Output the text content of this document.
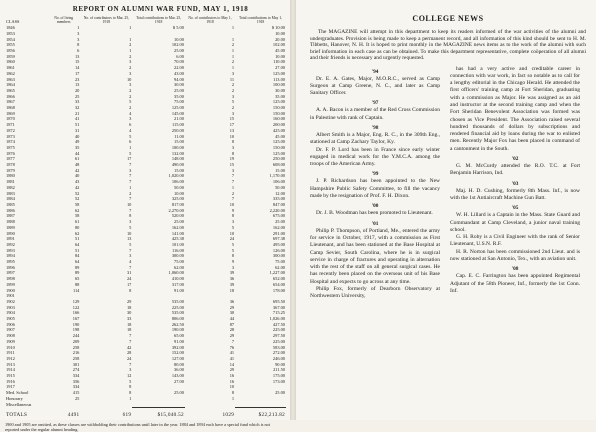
REPORT ON ALUMNI WAR FUND, MAY 1, 1918
CLASS	No. of living members	No. of contributors to Mar. 25, 1918	Total contributions to Mar. 25, 1918	No. of contributors to May 1, 1918	Total contributions to May 1, 1918
1846	1	1	$ 5.00	1	$ 10.00
1853	3				10.00
1854	3	1	10.00	1	20.00
1855	8	2	102.00	2	102.00
1856	6	1	25.00	1	45.00
1859	13	2	6.00	1	10.00
1860	15	3	70.00	2	110.00
1861	14	2	22.00	1	27.00
1862	17	3	43.00	3	125.00
1863	23	10	94.00	11	113.00
1864	13	3	30.00	2	100.00
1865	20	2	25.00	2	30.00
1866	25	2	35.00	3	35.00
1867	33	5	75.00	5	125.00
1868	32	2	125.00	2	150.00
1869	21	4	145.00	3	150.00
1870	41	3	21.00	15	160.00
1871	51	6	115.00	17	200.00
1872	31	4	250.00	13	425.00
1873	40	5	11.00	10	45.00
1874	49	6	15.00	8	125.00
1875	35	1	100.00	3	150.00
1876	44	5	132.00	8	125.00
1877	61	17	148.00	19	250.00
1878	48	7	490.00	15	608.00
1879	42	3	15.00	3	15.00
1880	40	7	1,020.00	7	1,170.00
1881	43	7	106.00	7	106.00
1882	42	1	50.00	1	50.00
1883	52	2	10.00	2	12.00
1884	52	7	325.00	7	335.00
1885	58	10	817.00	10	847.00
1886	62	7	2,270.00	9	2,220.00
1887	58	8	520.00	8	675.00
1888	61	3	25.00	3	25.00
1889	80	5	162.00	5	162.00
1890	62	10	141.00	10	291.00
1891	51	13	425.38	24	697.38
1892	64	5	101.00	5	495.00
1893	51	7	116.00	5	126.00
1894	84	3	300.00	8	300.00
1895	64	4	75.00	9	75.00
1896	89	7	62.00	3	62.00
1897	89	31	1,060.00	39	1,227.00
1898	65	24	410.00	36	652.00
1899	88	17	317.00	39	654.00
1900	114	8	91.00	18	178.00
1901					
1902	129	29	535.00	36	695.50
1903	122	18	225.00	29	367.00
1904	166	30	535.00	30	715.25
1905	167	33	806.00	44	1,026.00
1906	190	18	262.50	87	427.50
1907	198	18	190.00	28	225.00
1908	244	7	65.00	29	297.50
1909	209	7	91.00	7	225.00
1910	258	42	392.00	76	583.00
1911	216	28	152.00	41	272.00
1912	258	24	127.00	41	246.00
1913	301	7	80.00	14	90.00
1914	274	3	36.00	29	211.50
1915	334	12	143.00	16	175.00
1916	356	5	27.00	16	173.00
1917	334	8		10	
Med. School	415	8	25.00	8	25.00
Honorary	25	1		1	
Miscellaneous					
TOTALS	4491	619	$15,040.52	1029	$22,213.82
1900 and 1905 are omitted, as these classes are withholding their contributions until later in the year. 1884 and 1894 each have a special fund which is not reported under the regular alumni heading.
COLLEGE NEWS

The MAGAZINE will attempt in this department to keep its readers informed of the war activities of the alumni and undergraduates. Provision is being made to keep a permanent record, and all information of this kind should be sent to H. M. Tibbetts, Hanover, N. H. It is hoped to print monthly in the MAGAZINE news items as to the work of the alumni with such brief information in each case as can be obtained. To make this department representative, complete coöperation of all alumni and their friends is necessary and urgently requested.

'94

Dr. E. A. Gates, Major, M.O.R.C., served as Camp Surgeon at Camp Greene, N. C., and later as Camp Sanitary Officer.

'97

A. A. Bacon is a member of the Red Cross Commission in Palestine with rank of Captain.

'98

Albert Smith is a Major, Eng. R. C., in the 309th Eng., stationed at Camp Zachary Taylor, Ky.

Dr. F. P. Lord has been in France since early winter engaged in medical work for the Y.M.C.A. among the troops of the American Army.

'99

J. P. Richardson has been appointed to the New Hampshire Public Safety Committee, to fill the vacancy made by the resignation of Prof. F. H. Dixon.

'00

Dr. J. B. Woodman has been promoted to Lieutenant.

'01

Philip P. Thompson, of Portland, Me., entered the army for service in October, 1917, with a commission as First Lieutenant, and has been stationed at the Base Hospital at Camp Sevier, South Carolina, where he is in surgical service in charge of fractures and operating in alternation with the rest of the staff on all general surgical cases. He has recently been placed on the overseas unit of his Base Hospital and expects to go across at any time.

Philip Fox, formerly of Dearborn Observatory at Northwestern University,

has had a very active and creditable career in connection with war work, in fact so notable as to call for a lengthy editorial in the Chicago Herald. He attended the first officers' training camp at Fort Sheridan, graduating with a commission as Major. He was assigned as an aid and instructor at the second training camp and when the Fort Sheridan Benevolent Association was formed was chosen as Vice President. The Association raised several hundred thousands of dollars by subscriptions and rendered financial aid by loans during the war to enlisted men. Recently Major Fox has been placed in command of a cantonment in the South.

'02

G. M. McCurdy attended the R.O. T.C. at Fort Benjamin Harrison, Ind.

'03

Maj. H. D. Cushing, formerly 8th Mass. Inf., is now with the 1st Antiaircraft Machine Gun Batt.

'05

W. H. Lillard is a Captain in the Mass. State Guard and Commandant at Camp Cleveland, a junior naval training school.

G. H. Roby is a Civil Engineer with the rank of Senior Lieutenant, U.S.N. R.F.

H. R. Norton has been commissioned 2nd Lieut. and is now stationed at San Antonio, Tex., with an aviation unit.

'08

Cap. E. C. Farrington has been appointed Regimental Adjutant of the 58th Pioneer, Inf., formerly the 1st Conn. Inf.
